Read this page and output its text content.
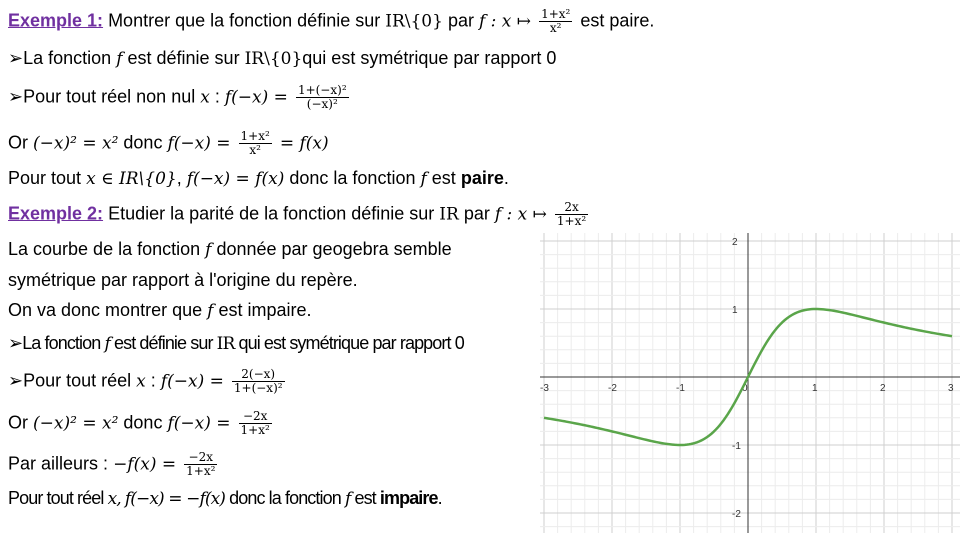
Exemple 1: Montrer que la fonction définie sur IR\{0} par f : x ↦ $\frac{\text{1+x²}}{\text{x²}}$ est paire.
➢La fonction f est définie sur IR\{0}qui est symétrique par rapport 0
➢Pour tout réel non nul x : $f(-x) = \frac{\text{1+(−x)²}}{\text{(−x)²}}$
Or (−x)² = x² donc $f(-x) = \frac{\text{1+x²}}{\text{x²}} = f(x)$
Pour tout x ∈ IR\{0}, f(−x) = f(x) donc la fonction f est paire.
Exemple 2: Etudier la parité de la fonction définie sur IR par f : x ↦ $\frac{2x}{\text{1+x²}}$
La courbe de la fonction f donnée par geogebra semble
symétrique par rapport à l'origine du repère.
On va donc montrer que f est impaire.
➢La fonction f est définie sur IR qui est symétrique par rapport 0
➢Pour tout réel x : $f(-x) = \frac{2(-x)}{\text{1+(−x)²}}$
Or (−x)² = x² donc $f(-x) = \frac{-2x}{\text{1+x²}}$
Par ailleurs : $-f(x) = \frac{-2x}{\text{1+x²}}$
Pour tout réel x, f(−x) = −f(x) donc la fonction f est impaire.
-3	-2	-1	0	1	2	3
2
1
-1
-2
